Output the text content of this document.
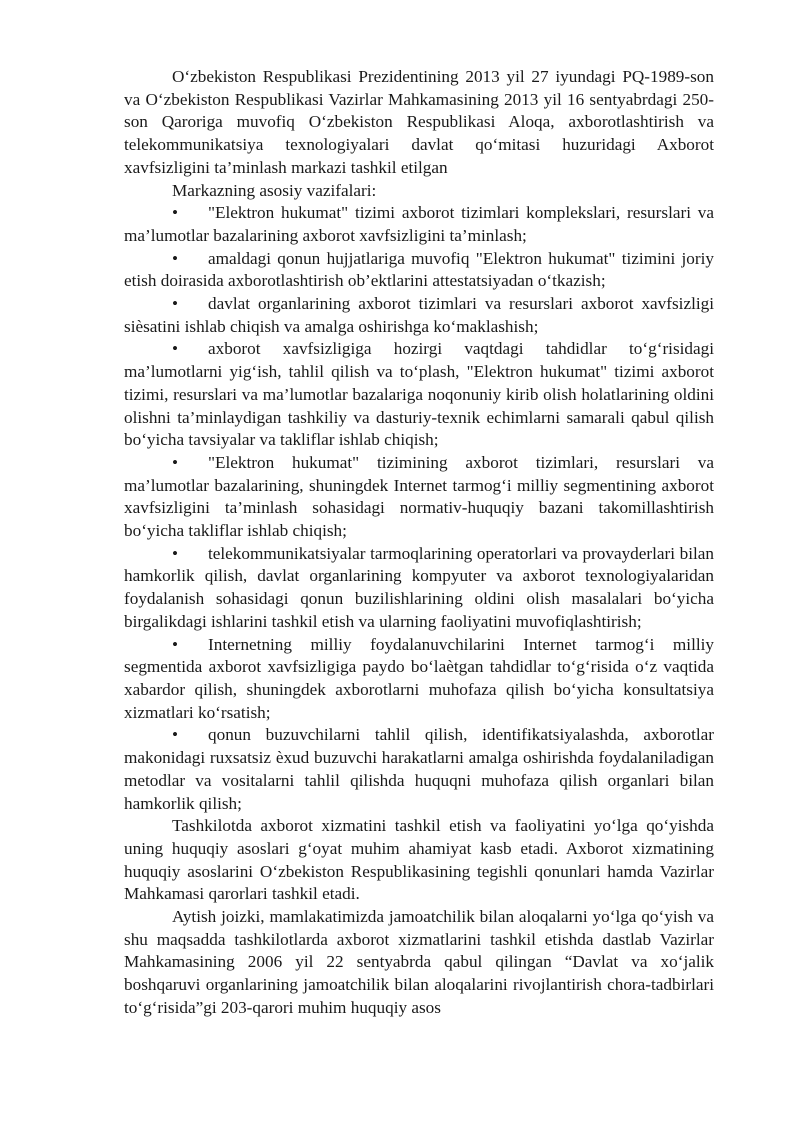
O‘zbekiston Respublikasi Prezidentining 2013 yil 27 iyundagi PQ-1989-son va O‘zbekiston Respublikasi Vazirlar Mahkamasining 2013 yil 16 sentyabrdagi 250-son Qaroriga muvofiq O‘zbekiston Respublikasi Aloqa, axborotlashtirish va telekommunikatsiya texnologiyalari davlat qo‘mitasi huzuridagi Axborot xavfsizligini ta’minlash markazi tashkil etilgan

Markazning asosiy vazifalari:

• "Elektron hukumat" tizimi axborot tizimlari komplekslari, resurslari va ma’lumotlar bazalarining axborot xavfsizligini ta’minlash;

• amaldagi qonun hujjatlariga muvofiq "Elektron hukumat" tizimini joriy etish doirasida axborotlashtirish ob’ektlarini attestatsiyadan o‘tkazish;

• davlat organlarining axborot tizimlari va resurslari axborot xavfsizligi siѐsatini ishlab chiqish va amalga oshirishga ko‘maklashish;

• axborot xavfsizligiga hozirgi vaqtdagi tahdidlar to‘g‘risidagi ma’lumotlarni yig‘ish, tahlil qilish va to‘plash, "Elektron hukumat" tizimi axborot tizimi, resurslari va ma’lumotlar bazalariga noqonuniy kirib olish holatlarining oldini olishni ta’minlaydigan tashkiliy va dasturiy-texnik echimlarni samarali qabul qilish bo‘yicha tavsiyalar va takliflar ishlab chiqish;

• "Elektron hukumat" tizimining axborot tizimlari, resurslari va ma’lumotlar bazalarining, shuningdek Internet tarmog‘i milliy segmentining axborot xavfsizligini ta’minlash sohasidagi normativ-huquqiy bazani takomillashtirish bo‘yicha takliflar ishlab chiqish;

• telekommunikatsiyalar tarmoqlarining operatorlari va provayderlari bilan hamkorlik qilish, davlat organlarining kompyuter va axborot texnologiyalaridan foydalanish sohasidagi qonun buzilishlarining oldini olish masalalari bo‘yicha birgalikdagi ishlarini tashkil etish va ularning faoliyatini muvofiqlashtirish;

• Internetning milliy foydalanuvchilarini Internet tarmog‘i milliy segmentida axborot xavfsizligiga paydo bo‘laѐtgan tahdidlar to‘g‘risida o‘z vaqtida xabardor qilish, shuningdek axborotlarni muhofaza qilish bo‘yicha konsultatsiya xizmatlari ko‘rsatish;

• qonun buzuvchilarni tahlil qilish, identifikatsiyalashda, axborotlar makonidagi ruxsatsiz ѐxud buzuvchi harakatlarni amalga oshirishda foydalaniladigan metodlar va vositalarni tahlil qilishda huquqni muhofaza qilish organlari bilan hamkorlik qilish;

Tashkilotda axborot xizmatini tashkil etish va faoliyatini yo‘lga qo‘yishda uning huquqiy asoslari g‘oyat muhim ahamiyat kasb etadi. Axborot xizmatining huquqiy asoslarini O‘zbekiston Respublikasining tegishli qonunlari hamda Vazirlar Mahkamasi qarorlari tashkil etadi.

Aytish joizki, mamlakatimizda jamoatchilik bilan aloqalarni yo‘lga qo‘yish va shu maqsadda tashkilotlarda axborot xizmatlarini tashkil etishda dastlab Vazirlar Mahkamasining 2006 yil 22 sentyabrda qabul qilingan “Davlat va xo‘jalik boshqaruvi organlarining jamoatchilik bilan aloqalarini rivojlantirish chora-tadbirlari to‘g‘risida”gi 203-qarori muhim huquqiy asos
